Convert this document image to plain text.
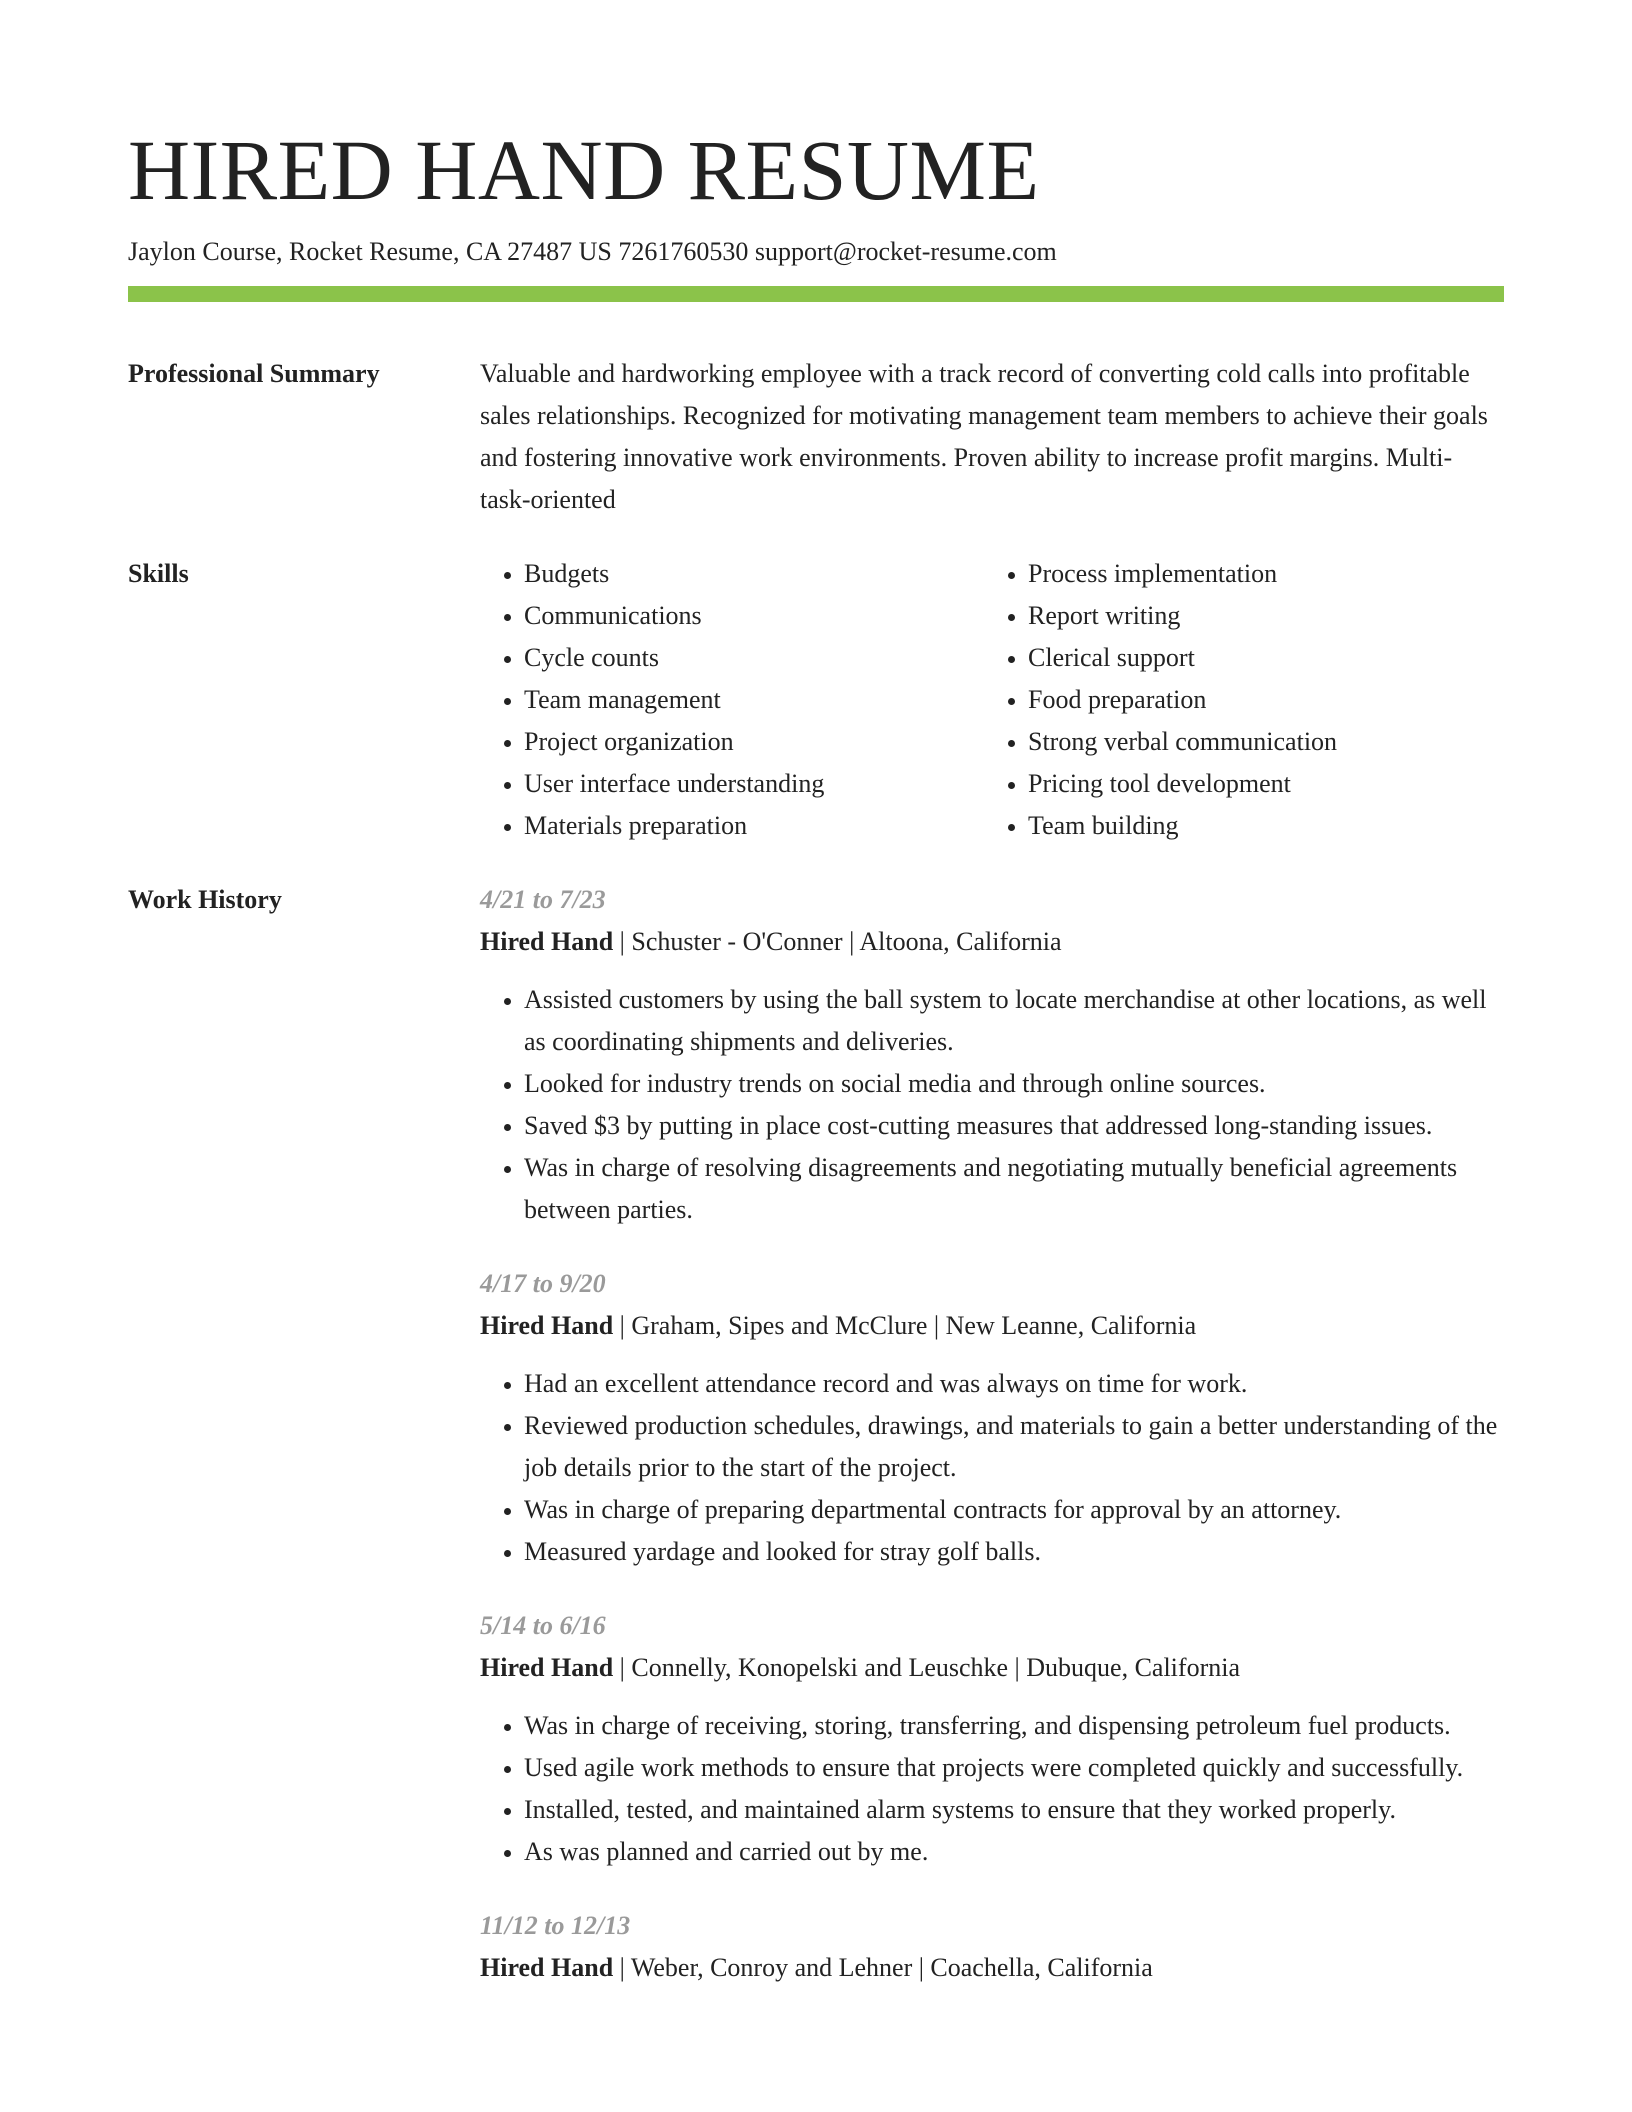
HIRED HAND RESUME
Jaylon Course, Rocket Resume, CA 27487 US 7261760530 support@rocket-resume.com
Professional Summary	Valuable and hardworking employee with a track record of converting cold calls into profitable sales relationships. Recognized for motivating management team members to achieve their goals and fostering innovative work environments. Proven ability to increase profit margins. Multi-task-oriented
Skills
•	Budgets
• Communications
• Cycle counts
• Team management
• Project organization
• User interface understanding
• Materials preparation
• Process implementation
• Report writing
• Clerical support
• Food preparation
• Strong verbal communication
• Pricing tool development
• Team building
Work History	4/21 to 7/23
Hired Hand | Schuster - O'Conner | Altoona, California
• Assisted customers by using the ball system to locate merchandise at other locations, as well as coordinating shipments and deliveries.
• Looked for industry trends on social media and through online sources.
• Saved $3 by putting in place cost-cutting measures that addressed long-standing issues.
• Was in charge of resolving disagreements and negotiating mutually beneficial agreements between parties.
4/17 to 9/20
Hired Hand | Graham, Sipes and McClure | New Leanne, California
• Had an excellent attendance record and was always on time for work.
• Reviewed production schedules, drawings, and materials to gain a better understanding of the job details prior to the start of the project.
• Was in charge of preparing departmental contracts for approval by an attorney.
• Measured yardage and looked for stray golf balls.
5/14 to 6/16
Hired Hand | Connelly, Konopelski and Leuschke | Dubuque, California
• Was in charge of receiving, storing, transferring, and dispensing petroleum fuel products.
• Used agile work methods to ensure that projects were completed quickly and successfully.
• Installed, tested, and maintained alarm systems to ensure that they worked properly.
• As was planned and carried out by me.
11/12 to 12/13
Hired Hand | Weber, Conroy and Lehner | Coachella, California
